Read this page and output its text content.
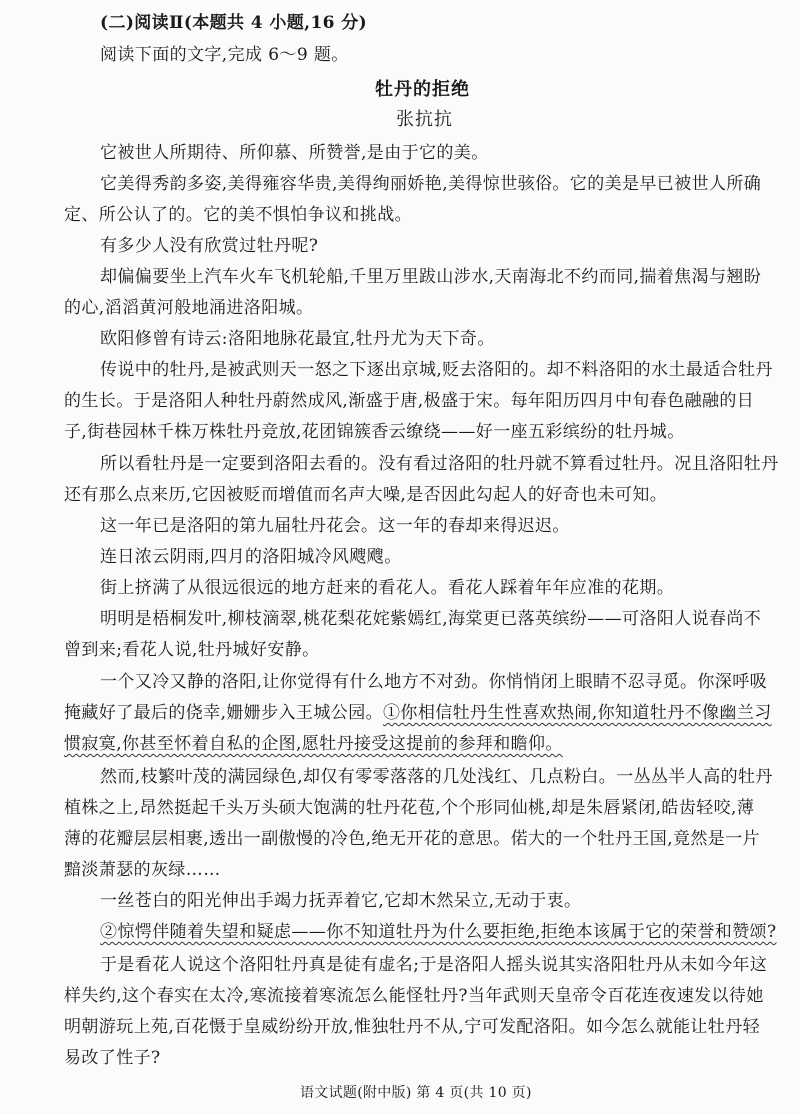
(二)阅读Ⅱ(本题共 4 小题,16 分)
阅读下面的文字,完成 6～9 题。
牡丹的拒绝
张抗抗
它被世人所期待、所仰慕、所赞誉,是由于它的美。
它美得秀韵多姿,美得雍容华贵,美得绚丽娇艳,美得惊世骇俗。它的美是早已被世人所确
定、所公认了的。它的美不惧怕争议和挑战。
有多少人没有欣赏过牡丹呢?
却偏偏要坐上汽车火车飞机轮船,千里万里跋山涉水,天南海北不约而同,揣着焦渴与翘盼
的心,滔滔黄河般地涌进洛阳城。
欧阳修曾有诗云:洛阳地脉花最宜,牡丹尤为天下奇。
传说中的牡丹,是被武则天一怒之下逐出京城,贬去洛阳的。却不料洛阳的水土最适合牡丹
的生长。于是洛阳人种牡丹蔚然成风,渐盛于唐,极盛于宋。每年阳历四月中旬春色融融的日
子,街巷园林千株万株牡丹竞放,花团锦簇香云缭绕——好一座五彩缤纷的牡丹城。
所以看牡丹是一定要到洛阳去看的。没有看过洛阳的牡丹就不算看过牡丹。况且洛阳牡丹
还有那么点来历,它因被贬而增值而名声大噪,是否因此勾起人的好奇也未可知。
这一年已是洛阳的第九届牡丹花会。这一年的春却来得迟迟。
连日浓云阴雨,四月的洛阳城冷风飕飕。
街上挤满了从很远很远的地方赶来的看花人。看花人踩着年年应准的花期。
明明是梧桐发叶,柳枝滴翠,桃花梨花姹紫嫣红,海棠更已落英缤纷——可洛阳人说春尚不
曾到来;看花人说,牡丹城好安静。
一个又冷又静的洛阳,让你觉得有什么地方不对劲。你悄悄闭上眼睛不忍寻觅。你深呼吸
掩藏好了最后的侥幸,姗姗步入王城公园。①你相信牡丹生性喜欢热闹,你知道牡丹不像幽兰习
惯寂寞,你甚至怀着自私的企图,愿牡丹接受这提前的参拜和瞻仰。
然而,枝繁叶茂的满园绿色,却仅有零零落落的几处浅红、几点粉白。一丛丛半人高的牡丹
植株之上,昂然挺起千头万头硕大饱满的牡丹花苞,个个形同仙桃,却是朱唇紧闭,皓齿轻咬,薄
薄的花瓣层层相裹,透出一副傲慢的冷色,绝无开花的意思。偌大的一个牡丹王国,竟然是一片
黯淡萧瑟的灰绿……
一丝苍白的阳光伸出手竭力抚弄着它,它却木然呆立,无动于衷。
②惊愕伴随着失望和疑虑——你不知道牡丹为什么要拒绝,拒绝本该属于它的荣誉和赞颂?
于是看花人说这个洛阳牡丹真是徒有虚名;于是洛阳人摇头说其实洛阳牡丹从未如今年这
样失约,这个春实在太冷,寒流接着寒流怎么能怪牡丹?当年武则天皇帝令百花连夜速发以待她
明朝游玩上苑,百花慑于皇威纷纷开放,惟独牡丹不从,宁可发配洛阳。如今怎么就能让牡丹轻
易改了性子?
语文试题(附中版) 第 4 页(共 10 页)
